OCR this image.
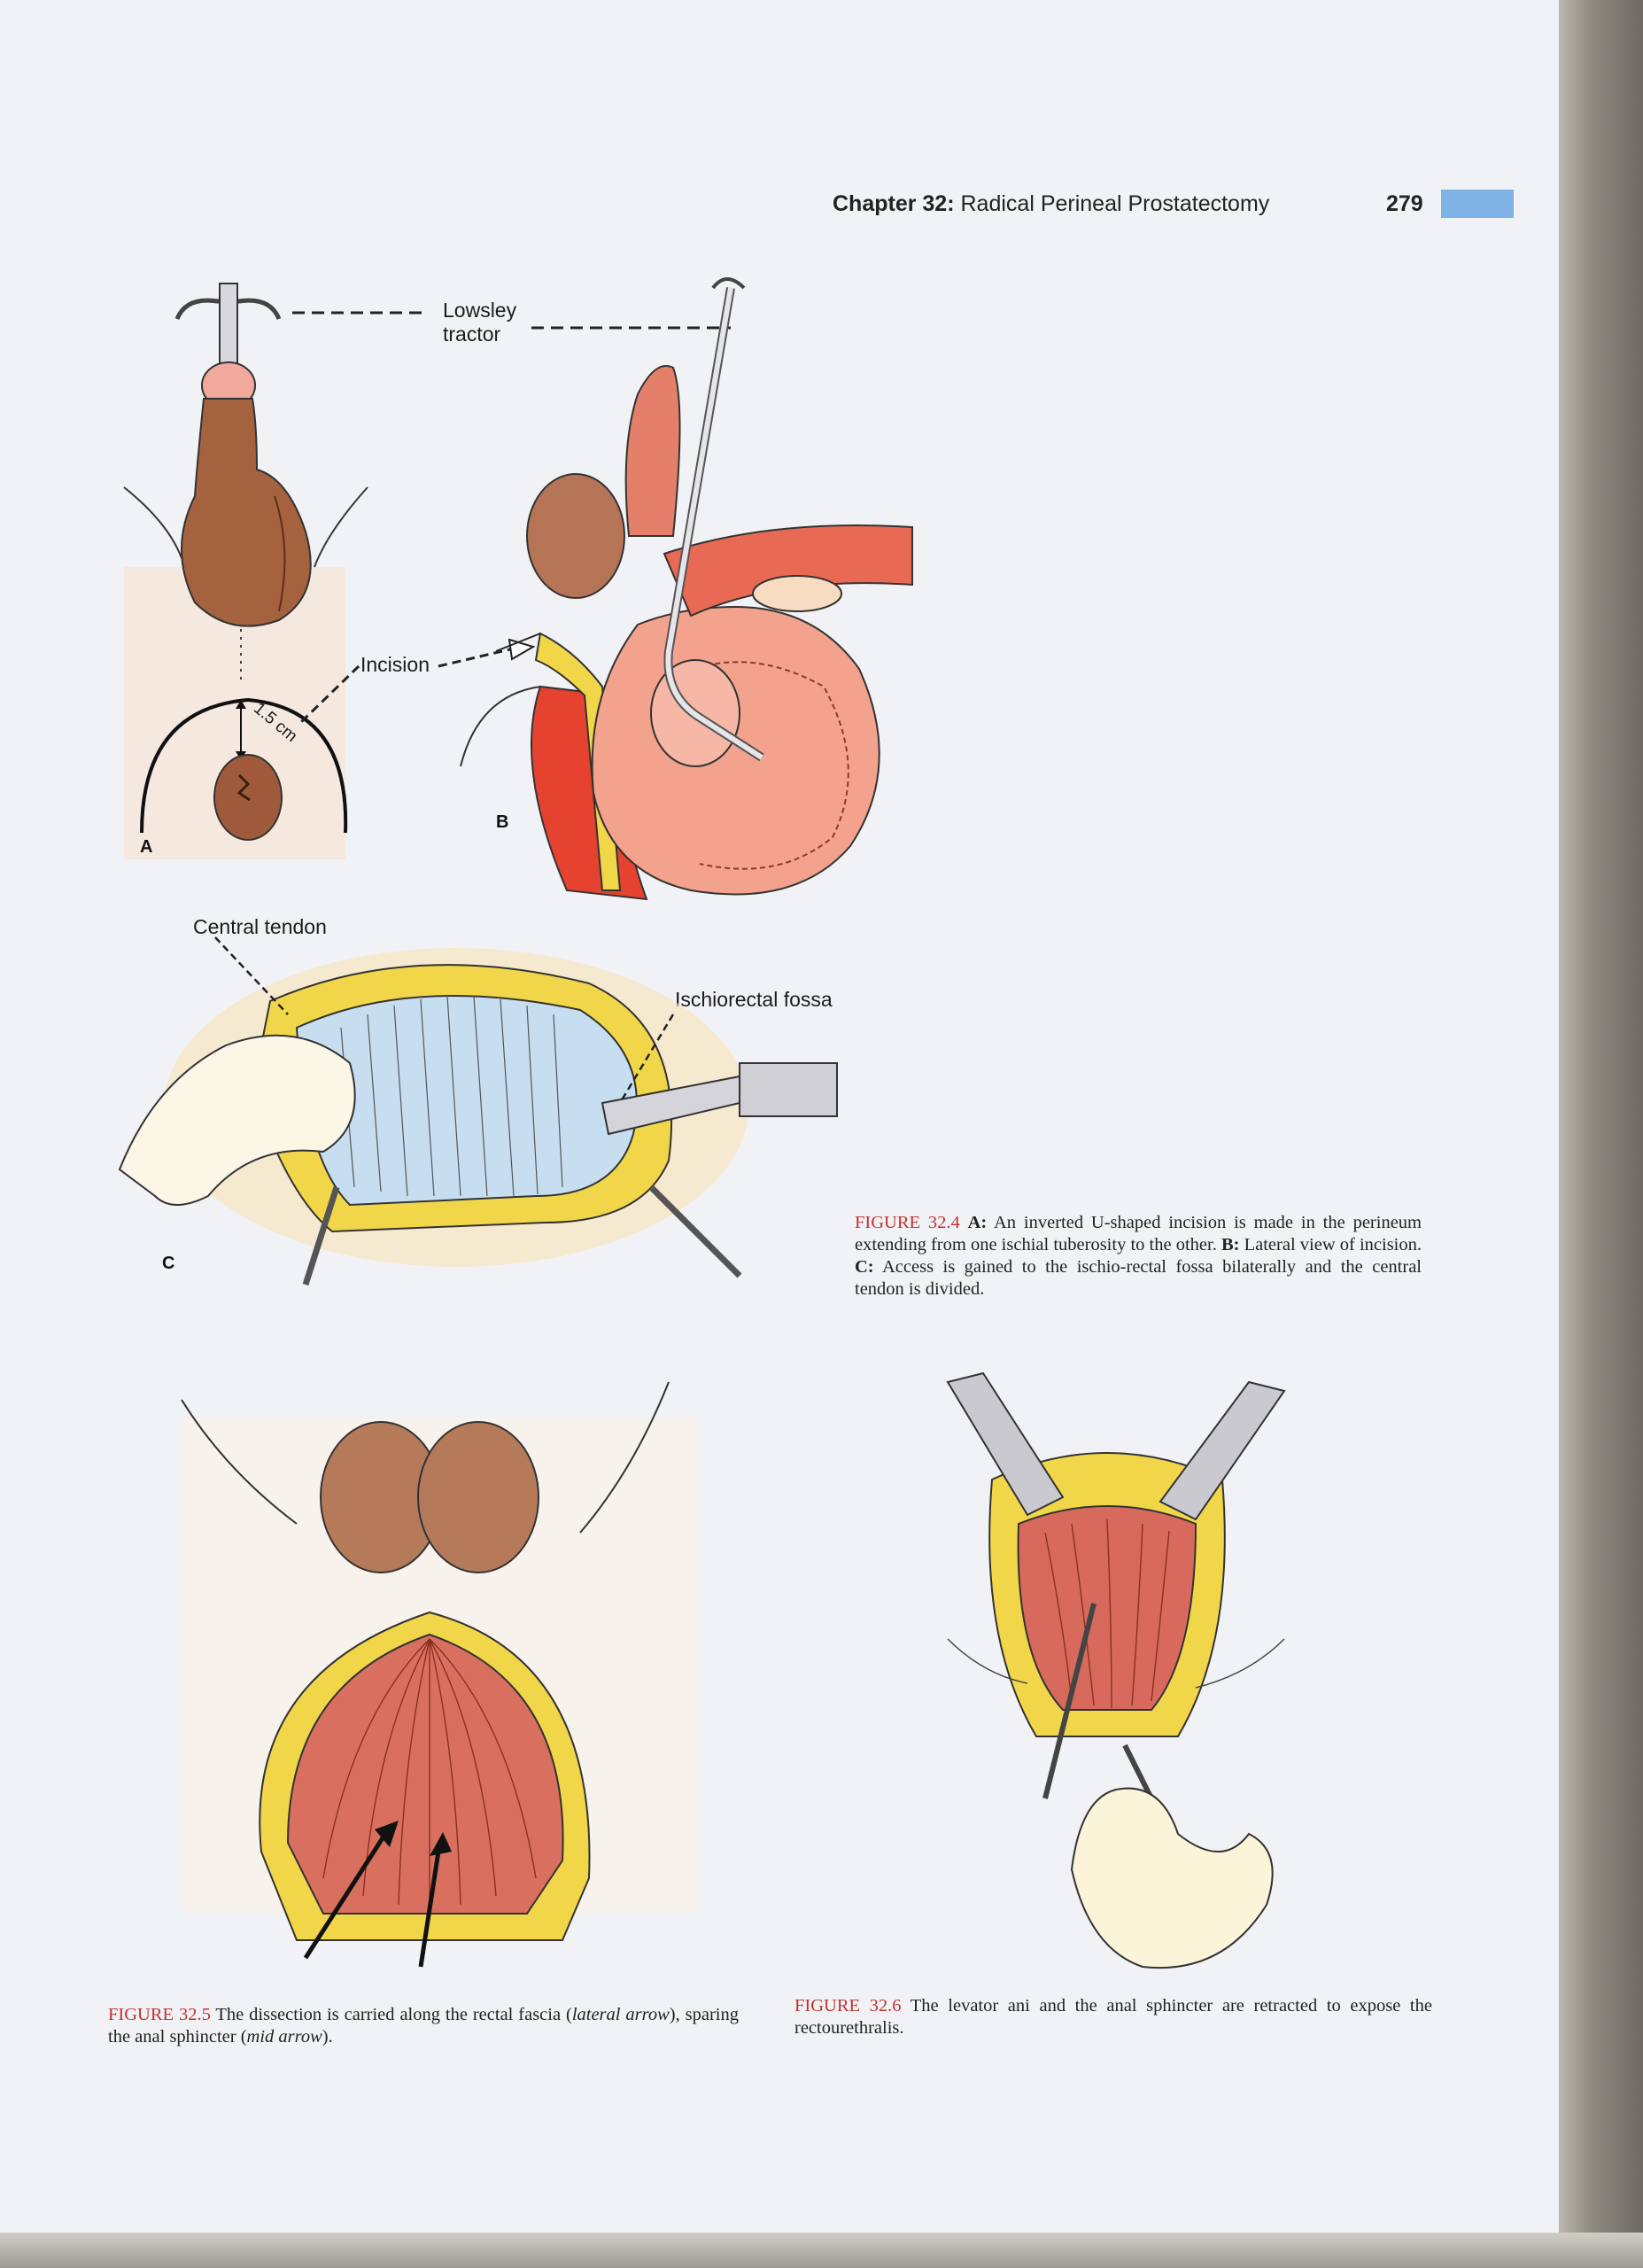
Chapter 32: Radical Perineal Prostatectomy	279
Lowsley
tractor
Incision
1.5 cm
A
B
Central tendon
Ischiorectal fossa
C
FIGURE 32.4 A: An inverted U-shaped incision is made in the perineum extending from one ischial tuberosity to the other. B: Lateral view of incision. C: Access is gained to the ischio-rectal fossa bilaterally and the central tendon is divided.
FIGURE 32.5 The dissection is carried along the rectal fascia (lateral arrow), sparing the anal sphincter (mid arrow).
FIGURE 32.6 The levator ani and the anal sphincter are retracted to expose the rectourethralis.
